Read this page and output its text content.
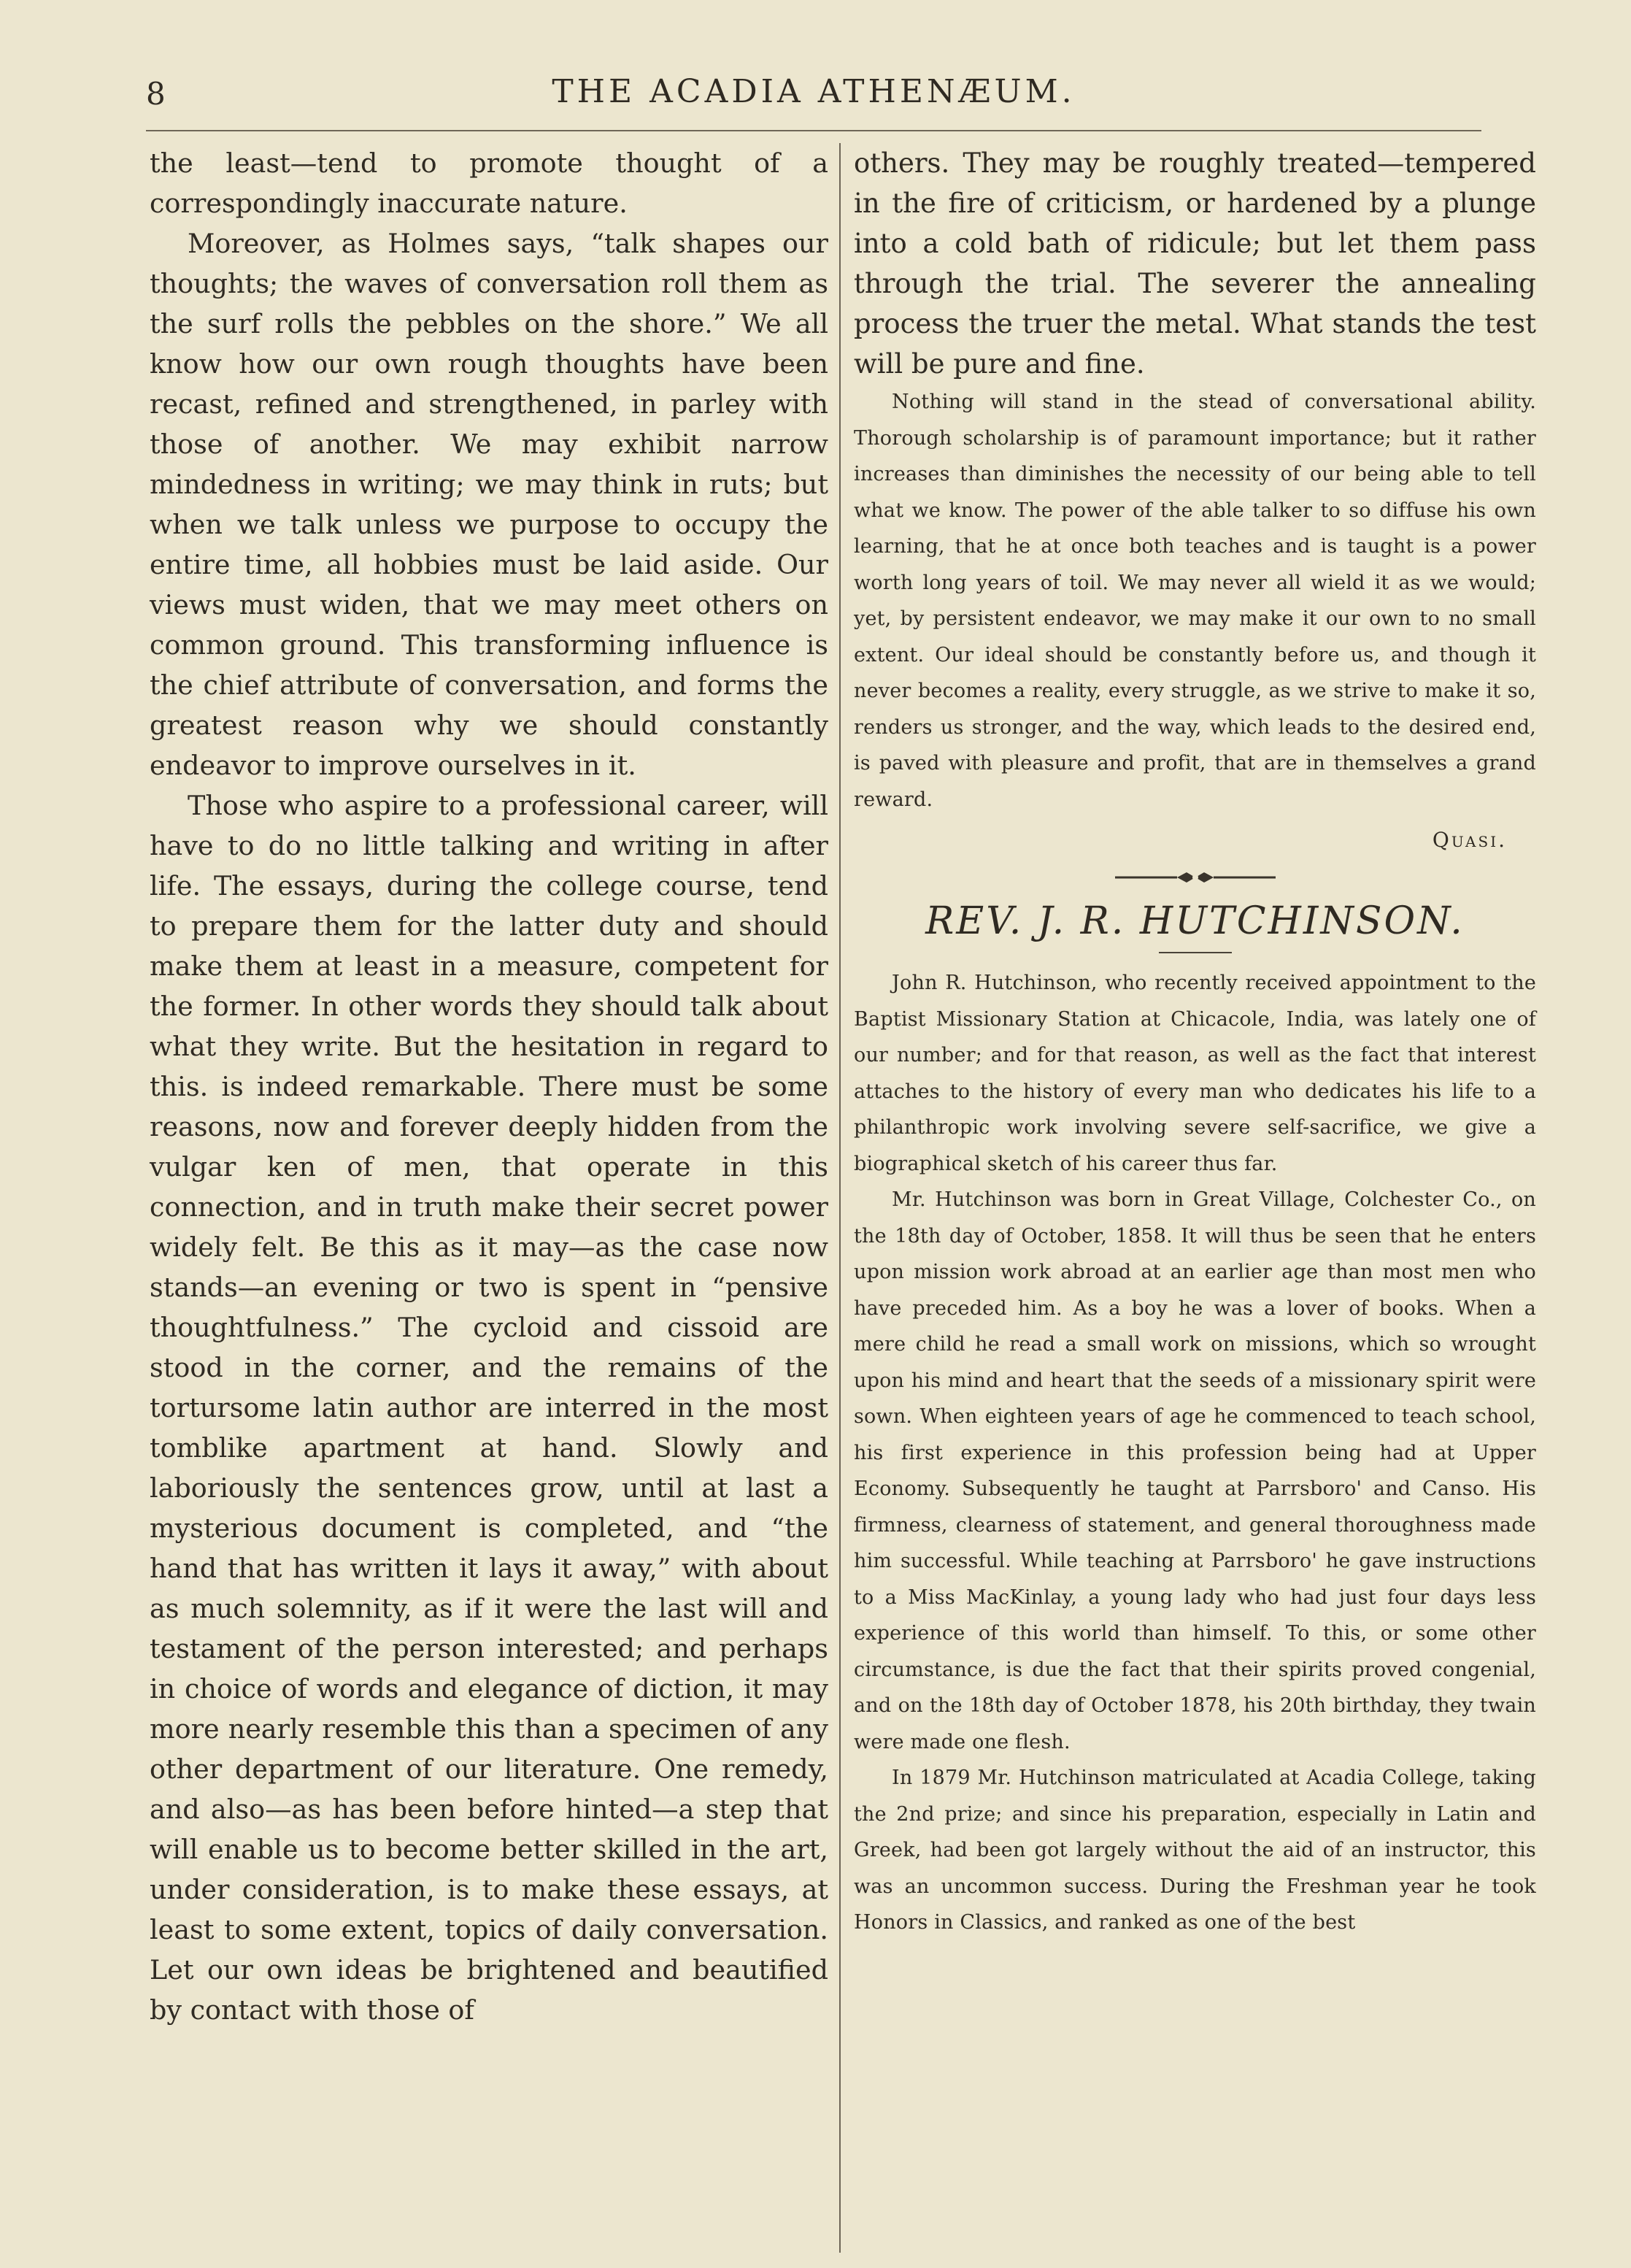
8	THE ACADIA ATHENÆUM.

the least—tend to promote thought of a correspondingly inaccurate nature.

Moreover, as Holmes says, “talk shapes our thoughts; the waves of conversation roll them as the surf rolls the pebbles on the shore.” We all know how our own rough thoughts have been recast, refined and strengthened, in parley with those of another. We may exhibit narrow mindedness in writing; we may think in ruts; but when we talk unless we purpose to occupy the entire time, all hobbies must be laid aside. Our views must widen, that we may meet others on common ground. This transforming influence is the chief attribute of conversation, and forms the greatest reason why we should constantly endeavor to improve ourselves in it.

Those who aspire to a professional career, will have to do no little talking and writing in after life. The essays, during the college course, tend to prepare them for the latter duty and should make them at least in a measure, competent for the former. In other words they should talk about what they write. But the hesitation in regard to this. is indeed remarkable. There must be some reasons, now and forever deeply hidden from the vulgar ken of men, that operate in this connection, and in truth make their secret power widely felt. Be this as it may—as the case now stands—an evening or two is spent in “pensive thoughtfulness.” The cycloid and cissoid are stood in the corner, and the remains of the tortursome latin author are interred in the most tomblike apartment at hand. Slowly and laboriously the sentences grow, until at last a mysterious document is completed, and “the hand that has written it lays it away,” with about as much solemnity, as if it were the last will and testament of the person interested; and perhaps in choice of words and elegance of diction, it may more nearly resemble this than a specimen of any other department of our literature. One remedy, and also—as has been before hinted—a step that will enable us to become better skilled in the art, under consideration, is to make these essays, at least to some extent, topics of daily conversation. Let our own ideas be brightened and beautified by contact with those of

others. They may be roughly treated—tempered in the fire of criticism, or hardened by a plunge into a cold bath of ridicule; but let them pass through the trial. The severer the annealing process the truer the metal. What stands the test will be pure and fine.

Nothing will stand in the stead of conversational ability. Thorough scholarship is of paramount importance; but it rather increases than diminishes the necessity of our being able to tell what we know. The power of the able talker to so diffuse his own learning, that he at once both teaches and is taught is a power worth long years of toil. We may never all wield it as we would; yet, by persistent endeavor, we may make it our own to no small extent. Our ideal should be constantly before us, and though it never becomes a reality, every struggle, as we strive to make it so, renders us stronger, and the way, which leads to the desired end, is paved with pleasure and profit, that are in themselves a grand reward.

Quasi.
REV. J. R. HUTCHINSON.

John R. Hutchinson, who recently received appointment to the Baptist Missionary Station at Chicacole, India, was lately one of our number; and for that reason, as well as the fact that interest attaches to the history of every man who dedicates his life to a philanthropic work involving severe self-sacrifice, we give a biographical sketch of his career thus far.

Mr. Hutchinson was born in Great Village, Colchester Co., on the 18th day of October, 1858. It will thus be seen that he enters upon mission work abroad at an earlier age than most men who have preceded him. As a boy he was a lover of books. When a mere child he read a small work on missions, which so wrought upon his mind and heart that the seeds of a missionary spirit were sown. When eighteen years of age he commenced to teach school, his first experience in this profession being had at Upper Economy. Subsequently he taught at Parrsboro' and Canso. His firmness, clearness of statement, and general thoroughness made him successful. While teaching at Parrsboro' he gave instructions to a Miss MacKinlay, a young lady who had just four days less experience of this world than himself. To this, or some other circumstance, is due the fact that their spirits proved congenial, and on the 18th day of October 1878, his 20th birthday, they twain were made one flesh.

In 1879 Mr. Hutchinson matriculated at Acadia College, taking the 2nd prize; and since his preparation, especially in Latin and Greek, had been got largely without the aid of an instructor, this was an uncommon success. During the Freshman year he took Honors in Classics, and ranked as one of the best
